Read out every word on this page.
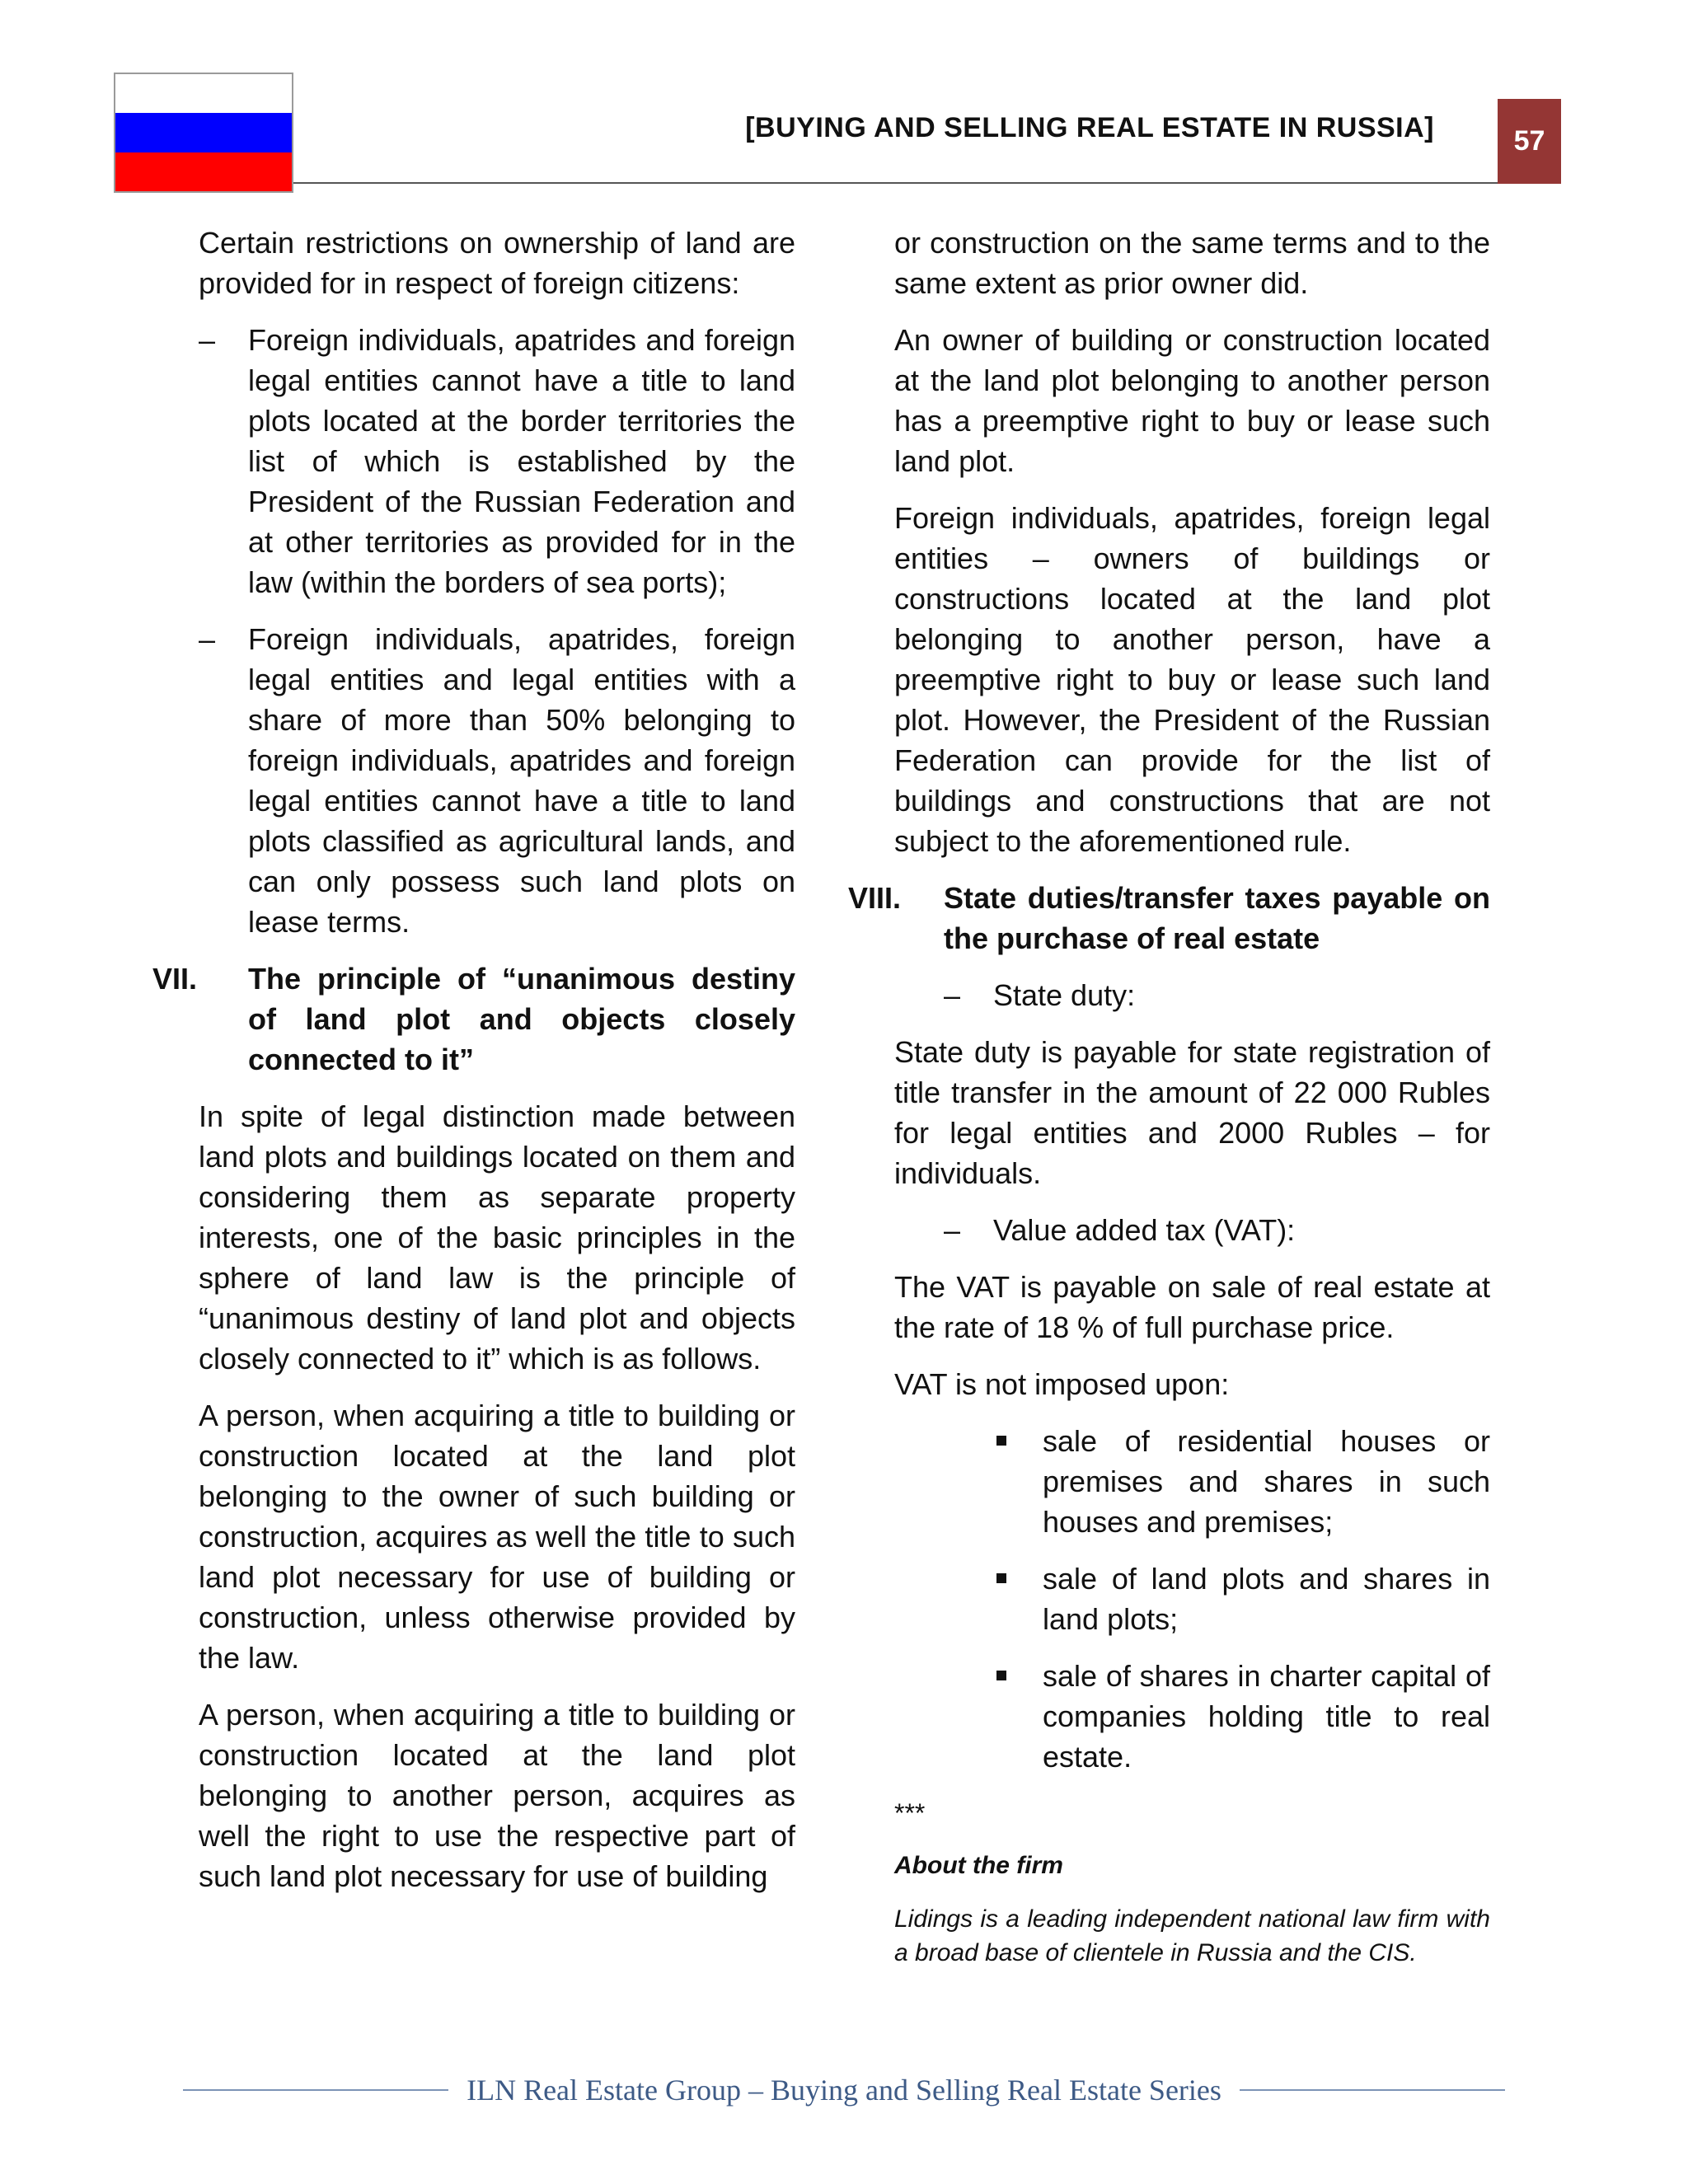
[BUYING AND SELLING REAL ESTATE IN RUSSIA]	57

Certain restrictions on ownership of land are provided for in respect of foreign citizens:

– Foreign individuals, apatrides and foreign legal entities cannot have a title to land plots located at the border territories the list of which is established by the President of the Russian Federation and at other territories as provided for in the law (within the borders of sea ports);
– Foreign individuals, apatrides, foreign legal entities and legal entities with a share of more than 50% belonging to foreign individuals, apatrides and foreign legal entities cannot have a title to land plots classified as agricultural lands, and can only possess such land plots on lease terms.
VII. The principle of “unanimous destiny of land plot and objects closely connected to it”

In spite of legal distinction made between land plots and buildings located on them and considering them as separate property interests, one of the basic principles in the sphere of land law is the principle of “unanimous destiny of land plot and objects closely connected to it” which is as follows.

A person, when acquiring a title to building or construction located at the land plot belonging to the owner of such building or construction, acquires as well the title to such land plot necessary for use of building or construction, unless otherwise provided by the law.

A person, when acquiring a title to building or construction located at the land plot belonging to another person, acquires as well the right to use the respective part of such land plot necessary for use of building

or construction on the same terms and to the same extent as prior owner did.

An owner of building or construction located at the land plot belonging to another person has a preemptive right to buy or lease such land plot.

Foreign individuals, apatrides, foreign legal entities – owners of buildings or constructions located at the land plot belonging to another person, have a preemptive right to buy or lease such land plot. However, the President of the Russian Federation can provide for the list of buildings and constructions that are not subject to the aforementioned rule.

VIII. State duties/transfer taxes payable on the purchase of real estate
– State duty:

State duty is payable for state registration of title transfer in the amount of 22 000 Rubles for legal entities and 2000 Rubles – for individuals.

– Value added tax (VAT):

The VAT is payable on sale of real estate at the rate of 18 % of full purchase price.

VAT is not imposed upon:

sale of residential houses or premises and shares in such houses and premises;
sale of land plots and shares in land plots;
sale of shares in charter capital of companies holding title to real estate.
***
About the firm

Lidings is a leading independent national law firm with a broad base of clientele in Russia and the CIS.

ILN Real Estate Group – Buying and Selling Real Estate Series
